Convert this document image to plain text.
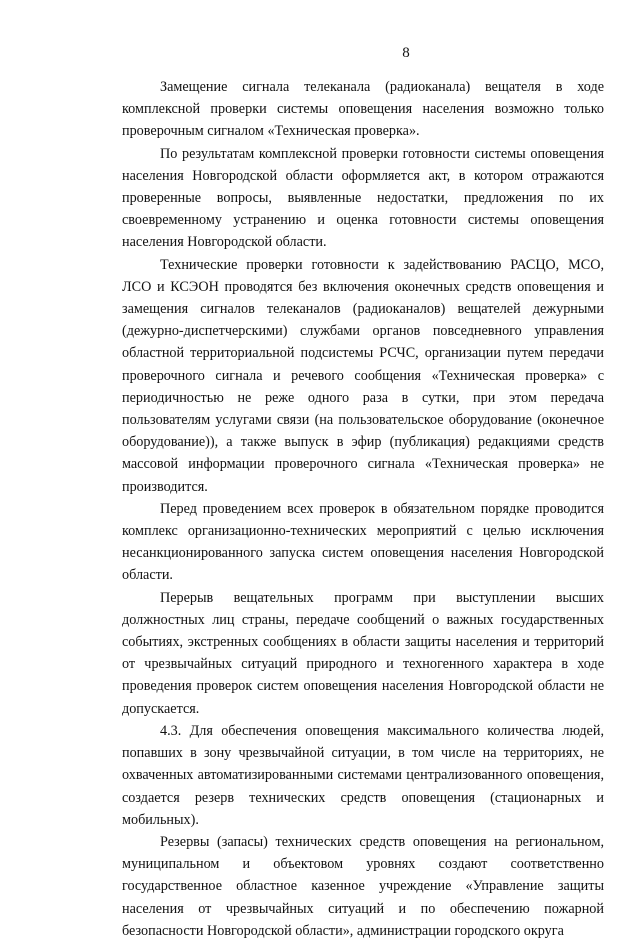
8

Замещение сигнала телеканала (радиоканала) вещателя в ходе комплексной проверки системы оповещения населения возможно только проверочным сигналом «Техническая проверка».

По результатам комплексной проверки готовности системы оповещения населения Новгородской области оформляется акт, в котором отражаются проверенные вопросы, выявленные недостатки, предложения по их своевременному устранению и оценка готовности системы оповещения населения Новгородской области.

Технические проверки готовности к задействованию РАСЦО, МСО, ЛСО и КСЭОН проводятся без включения оконечных средств оповещения и замещения сигналов телеканалов (радиоканалов) вещателей дежурными (дежурно-диспетчерскими) службами органов повседневного управления областной территориальной подсистемы РСЧС, организации путем передачи проверочного сигнала и речевого сообщения «Техническая проверка» с периодичностью не реже одного раза в сутки, при этом передача пользователям услугами связи (на пользовательское оборудование (оконечное оборудование)), а также выпуск в эфир (публикация) редакциями средств массовой информации проверочного сигнала «Техническая проверка» не производится.

Перед проведением всех проверок в обязательном порядке проводится комплекс организационно-технических мероприятий с целью исключения несанкционированного запуска систем оповещения населения Новгородской области.

Перерыв вещательных программ при выступлении высших должностных лиц страны, передаче сообщений о важных государственных событиях, экстренных сообщениях в области защиты населения и территорий от чрезвычайных ситуаций природного и техногенного характера в ходе проведения проверок систем оповещения населения Новгородской области не допускается.

4.3. Для обеспечения оповещения максимального количества людей, попавших в зону чрезвычайной ситуации, в том числе на территориях, не охваченных автоматизированными системами централизованного оповещения, создается резерв технических средств оповещения (стационарных и мобильных).

Резервы (запасы) технических средств оповещения на региональном, муниципальном и объектовом уровнях создают соответственно государственное областное казенное учреждение «Управление защиты населения от чрезвычайных ситуаций и по обеспечению пожарной безопасности Новгородской области», администрации городского округа
